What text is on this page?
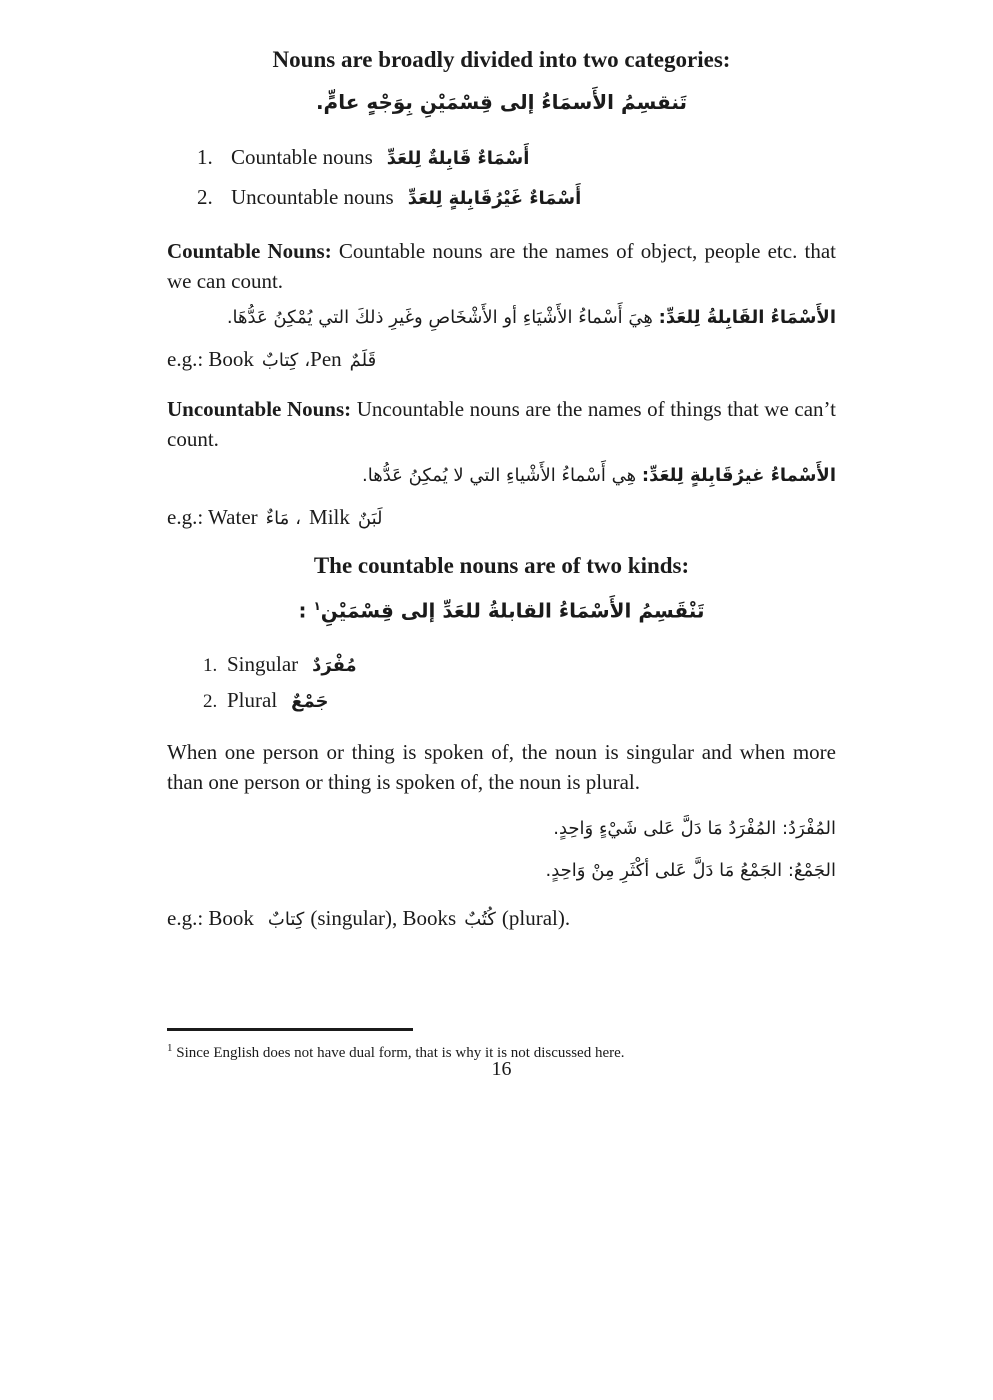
Nouns are broadly divided into two categories:
تَنقسِمُ الأَسمَاءُ إلى قِسْمَيْنِ بِوَجْهٍ عامٍّ.
1. Countable nouns أَسْمَاءٌ قَابِلةٌ لِلعَدِّ
2. Uncountable nouns أَسْمَاءٌ غَيْرُقَابِلةٍ لِلعَدِّ

Countable Nouns: Countable nouns are the names of object, people etc. that we can count.

الأَسْمَاءُ القَابِلةُ لِلعَدِّ: هِيَ أَسْماءُ الأَشْيَاءِ أو الأَشْخَاصِ وغَيرِ ذلكَ التي يُمْكِنُ عَدُّهَا.

e.g.: Book كِتابٌ ،Pen قَلَمٌ

Uncountable Nouns: Uncountable nouns are the names of things that we can’t count.

الأَسْماءُ غيرُقَابِلةٍ لِلعَدِّ: هِي أَسْماءُ الأَشْياءِ التي لا يُمكِنُ عَدُّها.

e.g.: Water مَاءٌ ، Milk لَبَنٌ

The countable nouns are of two kinds:
تَنْقَسِمُ الأَسْمَاءُ القابلةُ للعَدِّ إلى قِسْمَيْنِ$^١$ :
1. Singular مُفْرَدٌ
2. Plural جَمْعٌ

When one person or thing is spoken of, the noun is singular and when more than one person or thing is spoken of, the noun is plural.

المُفْرَدُ: المُفْرَدُ مَا دَلَّ عَلى شَيْءٍ وَاحِدٍ.
الجَمْعُ: الجَمْعُ مَا دَلَّ عَلى أكْثَرِ مِنْ وَاحِدٍ.

e.g.: Book كِتابٌ (singular), Books كُتُبٌ (plural).

$^1$ Since English does not have dual form, that is why it is not discussed here.
16
